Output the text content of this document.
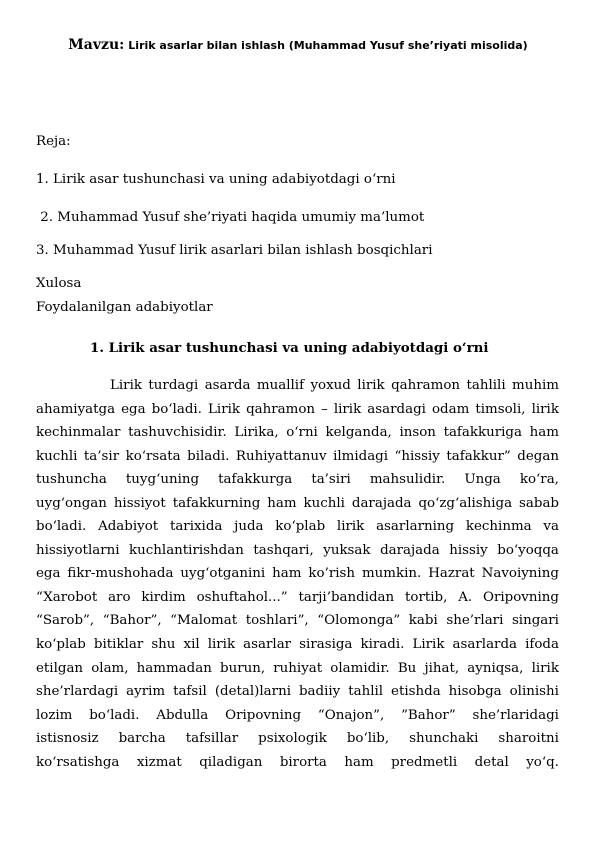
Mavzu: Lirik asarlar bilan ishlash (Muhammad Yusuf she’riyati misolida)
Reja:
1. Lirik asar tushunchasi va uning adabiyotdagi o‘rni
2. Muhammad Yusuf she’riyati haqida umumiy ma’lumot
3. Muhammad Yusuf lirik asarlari bilan ishlash bosqichlari
Xulosa
Foydalanilgan adabiyotlar
1. Lirik asar tushunchasi va uning adabiyotdagi o‘rni
Lirik turdagi asarda muallif yoxud lirik qahramon tahlili muhim
ahamiyatga ega bo‘ladi. Lirik qahramon – lirik asardagi odam timsoli, lirik
kechinmalar tashuvchisidir. Lirika, o‘rni kelganda, inson tafakkuriga ham
kuchli ta’sir ko‘rsata biladi. Ruhiyattanuv ilmidagi “hissiy tafakkur” degan
tushuncha tuyg‘uning tafakkurga ta’siri mahsulidir. Unga ko‘ra,
uyg‘ongan hissiyot tafakkurning ham kuchli darajada qo‘zg‘alishiga sabab
bo‘ladi. Adabiyot tarixida juda ko‘plab lirik asarlarning kechinma va
hissiyotlarni kuchlantirishdan tashqari, yuksak darajada hissiy bo‘yoqqa
ega fikr-mushohada uyg‘otganini ham ko’rish mumkin. Hazrat Navoiyning
“Xarobot aro kirdim oshuftahol...” tarji’bandidan tortib, A. Oripovning
“Sarob”, “Bahor”, “Malomat toshlari”, “Olomonga” kabi she’rlari singari
ko‘plab bitiklar shu xil lirik asarlar sirasiga kiradi. Lirik asarlarda ifoda
etilgan olam, hammadan burun, ruhiyat olamidir. Bu jihat, ayniqsa, lirik
she’rlardagi ayrim tafsil (detal)larni badiiy tahlil etishda hisobga olinishi
lozim bo‘ladi. Abdulla Oripovning “Onajon”, ”Bahor” she’rlaridagi
istisnosiz barcha tafsillar psixologik bo‘lib, shunchaki sharoitni
ko‘rsatishga xizmat qiladigan birorta ham predmetli detal yo‘q.
